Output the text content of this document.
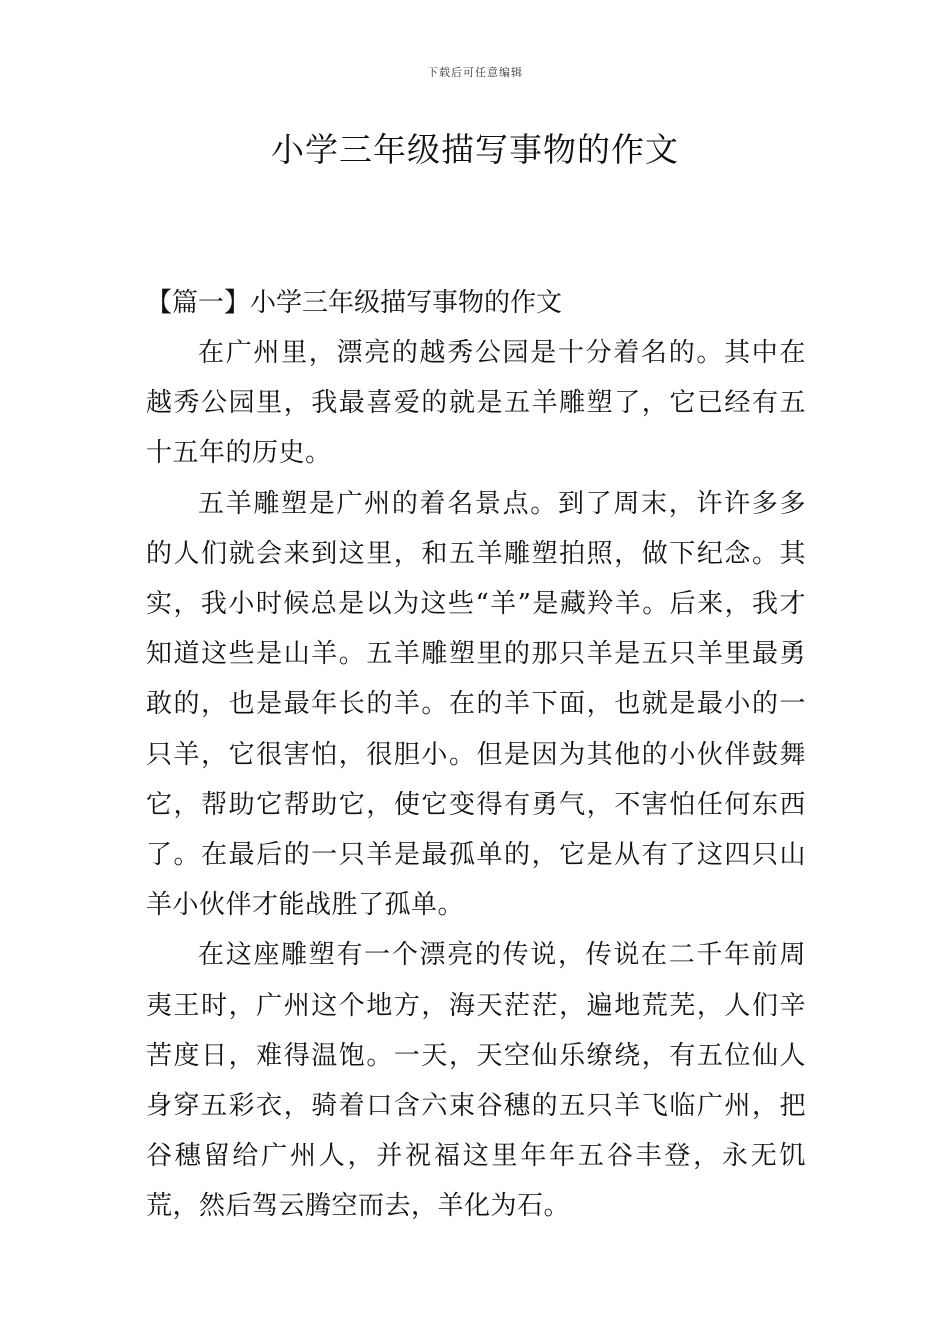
下载后可任意编辑
小学三年级描写事物的作文
【篇一】小学三年级描写事物的作文

在广州里，漂亮的越秀公园是十分着名的。其中在越秀公园里，我最喜爱的就是五羊雕塑了，它已经有五十五年的历史。

五羊雕塑是广州的着名景点。到了周末，许许多多的人们就会来到这里，和五羊雕塑拍照，做下纪念。其实，我小时候总是以为这些“羊”是藏羚羊。后来，我才知道这些是山羊。五羊雕塑里的那只羊是五只羊里最勇敢的，也是最年长的羊。在的羊下面，也就是最小的一只羊，它很害怕，很胆小。但是因为其他的小伙伴鼓舞它，帮助它帮助它，使它变得有勇气，不害怕任何东西了。在最后的一只羊是最孤单的，它是从有了这四只山羊小伙伴才能战胜了孤单。

在这座雕塑有一个漂亮的传说，传说在二千年前周夷王时，广州这个地方，海天茫茫，遍地荒芜，人们辛苦度日，难得温饱。一天，天空仙乐缭绕，有五位仙人身穿五彩衣，骑着口含六束谷穗的五只羊飞临广州，把谷穗留给广州人，并祝福这里年年五谷丰登，永无饥荒，然后驾云腾空而去，羊化为石。
